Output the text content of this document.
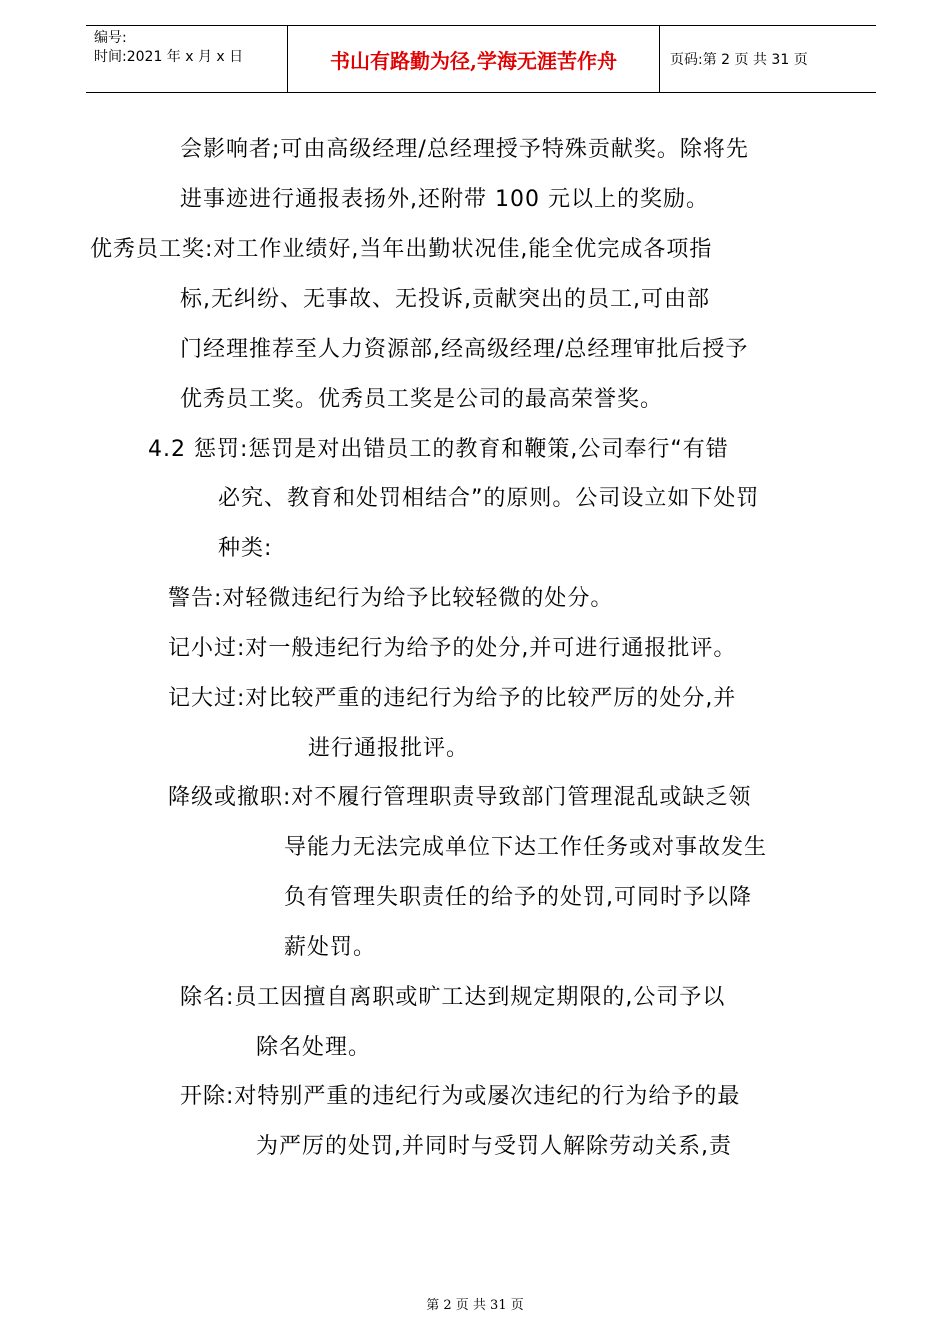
编号:
时间:2021 年 x 月 x 日	书山有路勤为径,学海无涯苦作舟	页码:第 2 页 共 31 页
会影响者;可由高级经理/总经理授予特殊贡献奖。除将先
进事迹进行通报表扬外,还附带 100 元以上的奖励。
优秀员工奖:对工作业绩好,当年出勤状况佳,能全优完成各项指
标,无纠纷、无事故、无投诉,贡献突出的员工,可由部
门经理推荐至人力资源部,经高级经理/总经理审批后授予
优秀员工奖。优秀员工奖是公司的最高荣誉奖。
4.2 惩罚:惩罚是对出错员工的教育和鞭策,公司奉行“有错
必究、教育和处罚相结合”的原则。公司设立如下处罚
种类:
警告:对轻微违纪行为给予比较轻微的处分。
记小过:对一般违纪行为给予的处分,并可进行通报批评。
记大过:对比较严重的违纪行为给予的比较严厉的处分,并
进行通报批评。
降级或撤职:对不履行管理职责导致部门管理混乱或缺乏领
导能力无法完成单位下达工作任务或对事故发生
负有管理失职责任的给予的处罚,可同时予以降
薪处罚。
除名:员工因擅自离职或旷工达到规定期限的,公司予以
除名处理。
开除:对特别严重的违纪行为或屡次违纪的行为给予的最
为严厉的处罚,并同时与受罚人解除劳动关系,责
第 2 页 共 31 页
